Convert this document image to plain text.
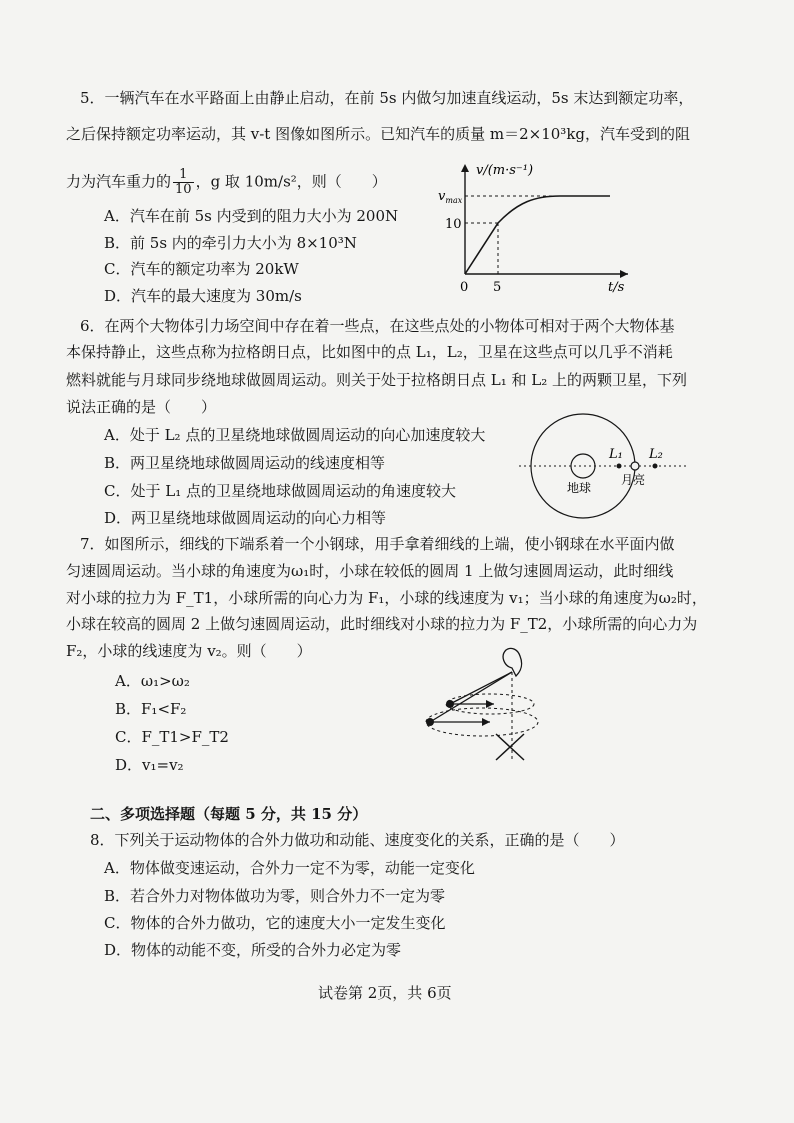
5．一辆汽车在水平路面上由静止启动，在前 5s 内做匀加速直线运动，5s 末达到额定功率，
之后保持额定功率运动，其 v-t 图像如图所示。已知汽车的质量 m＝2×10³kg，汽车受到的阻
力为汽车重力的 $\frac{1}{10}$ ，g 取 10m/s²，则（　　）
A．汽车在前 5s 内受到的阻力大小为 200N
B．前 5s 内的牵引力大小为 8×10³N
C．汽车的额定功率为 20kW
D．汽车的最大速度为 30m/s
v/(m·s⁻¹)
$v_{max}$
10
0 5	t/s
6．在两个大物体引力场空间中存在着一些点，在这些点处的小物体可相对于两个大物体基
本保持静止，这些点称为拉格朗日点，比如图中的点 L₁，L₂，卫星在这些点可以几乎不消耗
燃料就能与月球同步绕地球做圆周运动。则关于处于拉格朗日点 L₁ 和 L₂ 上的两颗卫星，下列
说法正确的是（　　）
A．处于 L₂ 点的卫星绕地球做圆周运动的向心加速度较大
B．两卫星绕地球做圆周运动的线速度相等
C．处于 L₁ 点的卫星绕地球做圆周运动的角速度较大
D．两卫星绕地球做圆周运动的向心力相等
L₁ L₂
地球
月亮
7．如图所示，细线的下端系着一个小钢球，用手拿着细线的上端，使小钢球在水平面内做
匀速圆周运动。当小球的角速度为ω₁时，小球在较低的圆周 1 上做匀速圆周运动，此时细线
对小球的拉力为 F_T1，小球所需的向心力为 F₁，小球的线速度为 v₁；当小球的角速度为ω₂时，
小球在较高的圆周 2 上做匀速圆周运动，此时细线对小球的拉力为 F_T2，小球所需的向心力为
F₂，小球的线速度为 v₂。则（　　）
A．ω₁>ω₂
B．F₁<F₂
C．F_T1>F_T2
D．v₁=v₂
二、多项选择题（每题 5 分，共 15 分）
8．下列关于运动物体的合外力做功和动能、速度变化的关系，正确的是（　　）
A．物体做变速运动，合外力一定不为零，动能一定变化
B．若合外力对物体做功为零，则合外力不一定为零
C．物体的合外力做功，它的速度大小一定发生变化
D．物体的动能不变，所受的合外力必定为零
试卷第 2页，共 6页
